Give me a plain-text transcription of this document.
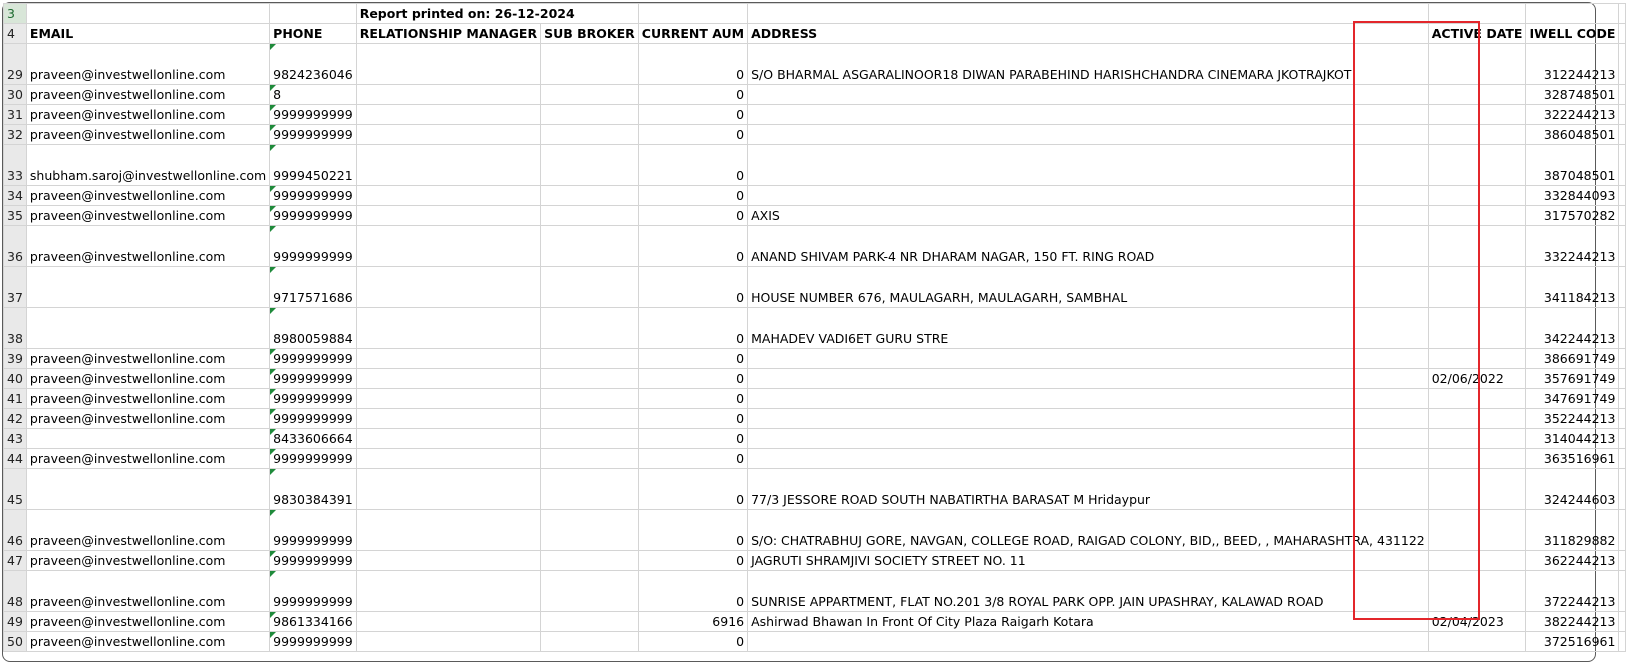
3			Report printed on: 26-12-2024						
4	EMAIL	PHONE	RELATIONSHIP MANAGER	SUB BROKER	CURRENT AUM	ADDRESS	ACTIVE DATE	IWELL CODE	
29	praveen@investwellonline.com	9824236046			0	S/O BHARMAL ASGARALINOOR18 DIWAN PARABEHIND HARISHCHANDRA CINEMARA JKOTRAJKOT		312244213	
30	praveen@investwellonline.com	8			0			328748501	
31	praveen@investwellonline.com	9999999999			0			322244213	
32	praveen@investwellonline.com	9999999999			0			386048501	
33	shubham.saroj@investwellonline.com	9999450221			0			387048501	
34	praveen@investwellonline.com	9999999999			0			332844093	
35	praveen@investwellonline.com	9999999999			0	AXIS		317570282	
36	praveen@investwellonline.com	9999999999			0	ANAND SHIVAM PARK-4 NR DHARAM NAGAR, 150 FT. RING ROAD		332244213	
37		9717571686			0	HOUSE NUMBER 676, MAULAGARH, MAULAGARH, SAMBHAL		341184213	
38		8980059884			0	MAHADEV VADI6ET GURU STRE		342244213	
39	praveen@investwellonline.com	9999999999			0			386691749	
40	praveen@investwellonline.com	9999999999			0		02/06/2022	357691749	
41	praveen@investwellonline.com	9999999999			0			347691749	
42	praveen@investwellonline.com	9999999999			0			352244213	
43		8433606664			0			314044213	
44	praveen@investwellonline.com	9999999999			0			363516961	
45		9830384391			0	77/3 JESSORE ROAD SOUTH NABATIRTHA BARASAT M Hridaypur		324244603	
46	praveen@investwellonline.com	9999999999			0	S/O: CHATRABHUJ GORE, NAVGAN, COLLEGE ROAD, RAIGAD COLONY, BID,, BEED, , MAHARASHTRA, 431122		311829882	
47	praveen@investwellonline.com	9999999999			0	JAGRUTI SHRAMJIVI SOCIETY STREET NO. 11		362244213	
48	praveen@investwellonline.com	9999999999			0	SUNRISE APPARTMENT, FLAT NO.201 3/8 ROYAL PARK OPP. JAIN UPASHRAY, KALAWAD ROAD		372244213	
49	praveen@investwellonline.com	9861334166			6916	Ashirwad Bhawan In Front Of City Plaza Raigarh Kotara	02/04/2023	382244213	
50	praveen@investwellonline.com	9999999999			0			372516961	
